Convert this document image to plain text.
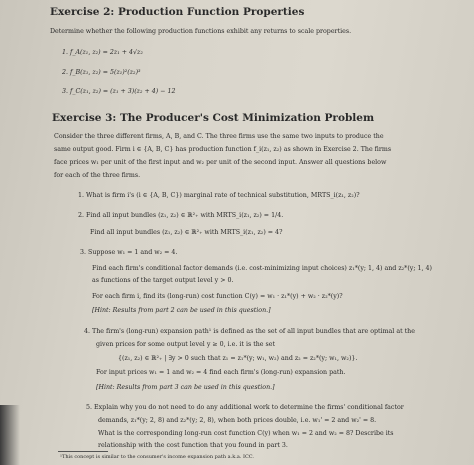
Exercise 2: Production Function Properties
Determine whether the following production functions exhibit any returns to scale properties.
1. f_A(z₁, z₂) = 2z₁ + 4√z₂
2. f_B(z₁, z₂) = 5(z₁)²(z₂)³
3. f_C(z₁, z₂) = (z₁ + 3)(z₂ + 4) − 12
Exercise 3: The Producer's Cost Minimization Problem
Consider the three different firms, A, B, and C. The three firms use the same two inputs to produce the
same output good. Firm i ∈ {A, B, C} has production function f_i(z₁, z₂) as shown in Exercise 2. The firms
face prices w₁ per unit of the first input and w₂ per unit of the second input. Answer all questions below
for each of the three firms.
1. What is firm i's (i ∈ {A, B, C}) marginal rate of technical substitution, MRTS_i(z₁, z₂)?
2. Find all input bundles (z₁, z₂) ∈ ℝ²₊ with MRTS_i(z₁, z₂) = 1/4.
Find all input bundles (z₁, z₂) ∈ ℝ²₊ with MRTS_i(z₁, z₂) = 4?
3. Suppose w₁ = 1 and w₂ = 4.
Find each firm's conditional factor demands (i.e. cost-minimizing input choices) z₁*(y; 1, 4) and z₂*(y; 1, 4)
as functions of the target output level y > 0.
For each firm i, find its (long-run) cost function C(y) = w₁ · z₁*(y) + w₂ · z₂*(y)?
[Hint: Results from part 2 can be used in this question.]
4. The firm's (long-run) expansion path¹ is defined as the set of all input bundles that are optimal at the
given prices for some output level y ≥ 0, i.e. it is the set
{(z₁, z₂) ∈ ℝ²₊ | ∃y > 0 such that z₁ = z₁*(y; w₁, w₂) and z₂ = z₂*(y; w₁, w₂)}.
For input prices w₁ = 1 and w₂ = 4 find each firm's (long-run) expansion path.
[Hint: Results from part 3 can be used in this question.]
5. Explain why you do not need to do any additional work to determine the firms' conditional factor
demands, z₁*(y; 2, 8) and z₂*(y; 2, 8), when both prices double, i.e. w₁' = 2 and w₂' = 8.
What is the corresponding long-run cost function C(y) when w₁ = 2 and w₂ = 8? Describe its
relationship with the cost function that you found in part 3.
¹This concept is similar to the consumer's income expansion path a.k.a. ICC.
